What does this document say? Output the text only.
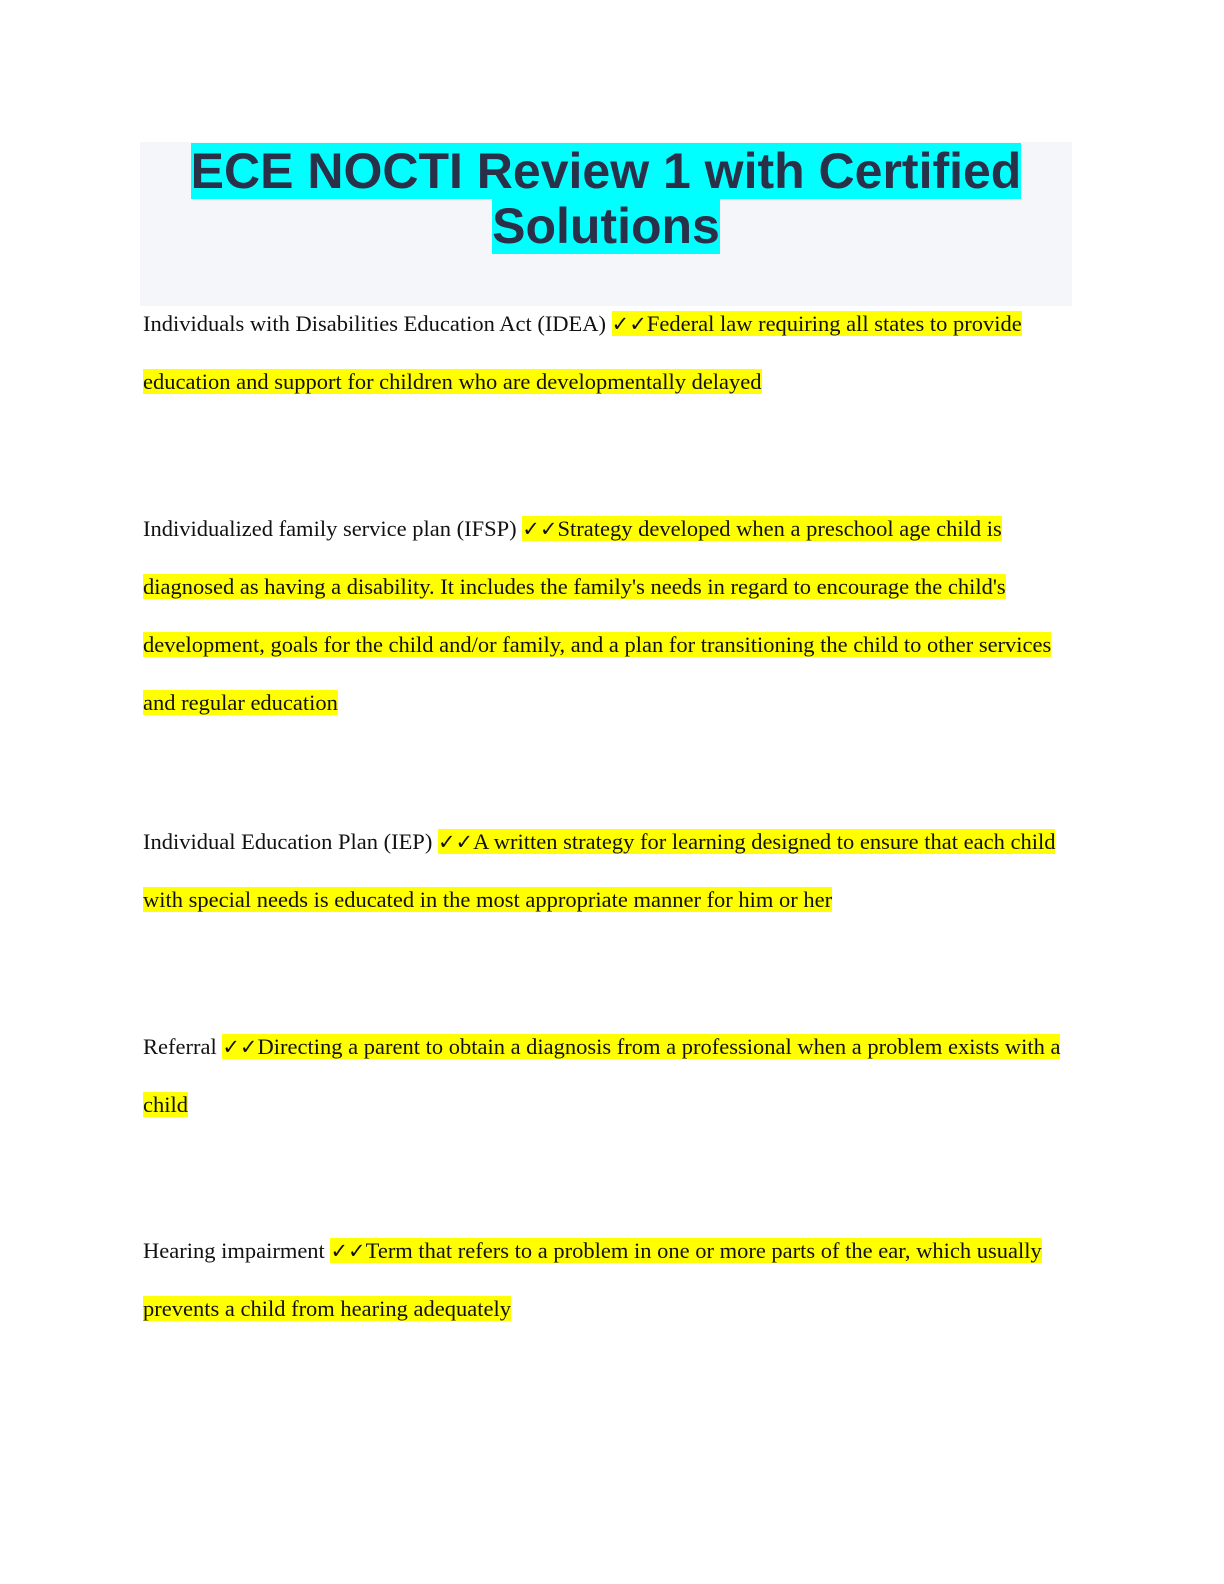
ECE NOCTI Review 1 with Certified Solutions

Individuals with Disabilities Education Act (IDEA) ✓✓Federal law requiring all states to provide education and support for children who are developmentally delayed

Individualized family service plan (IFSP) ✓✓Strategy developed when a preschool age child is diagnosed as having a disability. It includes the family's needs in regard to encourage the child's development, goals for the child and/or family, and a plan for transitioning the child to other services and regular education

Individual Education Plan (IEP) ✓✓A written strategy for learning designed to ensure that each child with special needs is educated in the most appropriate manner for him or her

Referral ✓✓Directing a parent to obtain a diagnosis from a professional when a problem exists with a child

Hearing impairment ✓✓Term that refers to a problem in one or more parts of the ear, which usually prevents a child from hearing adequately
